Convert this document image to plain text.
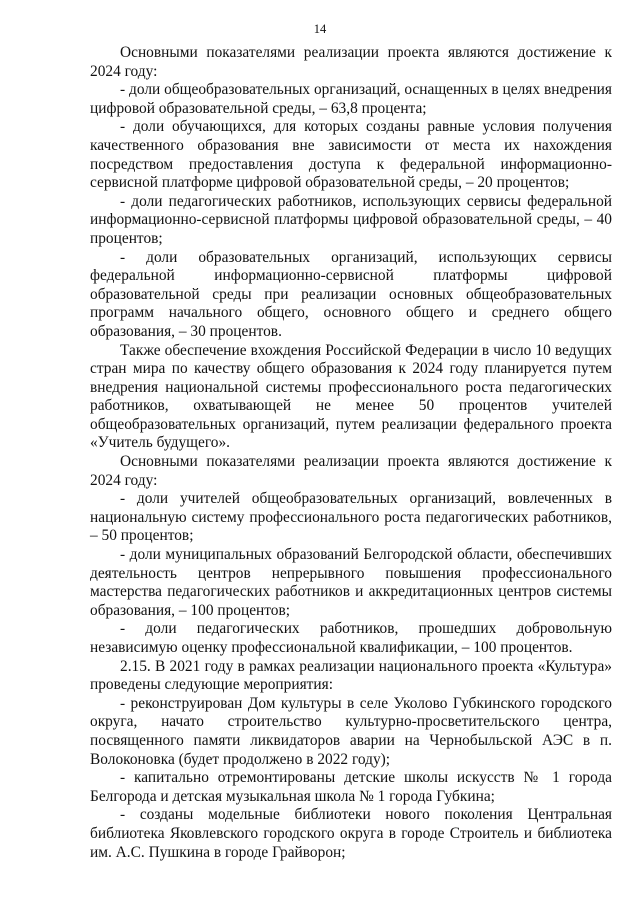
14

Основными показателями реализации проекта являются достижение к 2024 году:

- доли общеобразовательных организаций, оснащенных в целях внедрения цифровой образовательной среды, – 63,8 процента;

- доли обучающихся, для которых созданы равные условия получения качественного образования вне зависимости от места их нахождения посредством предоставления доступа к федеральной информационно-сервисной платформе цифровой образовательной среды, – 20 процентов;

- доли педагогических работников, использующих сервисы федеральной информационно-сервисной платформы цифровой образовательной среды, – 40 процентов;

- доли образовательных организаций, использующих сервисы федеральной информационно-сервисной платформы цифровой образовательной среды при реализации основных общеобразовательных программ начального общего, основного общего и среднего общего образования, – 30 процентов.

Также обеспечение вхождения Российской Федерации в число 10 ведущих стран мира по качеству общего образования к 2024 году планируется путем внедрения национальной системы профессионального роста педагогических работников, охватывающей не менее 50 процентов учителей общеобразовательных организаций, путем реализации федерального проекта «Учитель будущего».

Основными показателями реализации проекта являются достижение к 2024 году:

- доли учителей общеобразовательных организаций, вовлеченных в национальную систему профессионального роста педагогических работников, – 50 процентов;

- доли муниципальных образований Белгородской области, обеспечивших деятельность центров непрерывного повышения профессионального мастерства педагогических работников и аккредитационных центров системы образования, – 100 процентов;

- доли педагогических работников, прошедших добровольную независимую оценку профессиональной квалификации, – 100 процентов.

2.15. В 2021 году в рамках реализации национального проекта «Культура» проведены следующие мероприятия:

- реконструирован Дом культуры в селе Уколово Губкинского городского округа, начато строительство культурно-просветительского центра, посвященного памяти ликвидаторов аварии на Чернобыльской АЭС в п. Волоконовка (будет продолжено в 2022 году);

- капитально отремонтированы детские школы искусств № 1 города Белгорода и детская музыкальная школа № 1 города Губкина;

- созданы модельные библиотеки нового поколения Центральная библиотека Яковлевского городского округа в городе Строитель и библиотека им. А.С. Пушкина в городе Грайворон;
